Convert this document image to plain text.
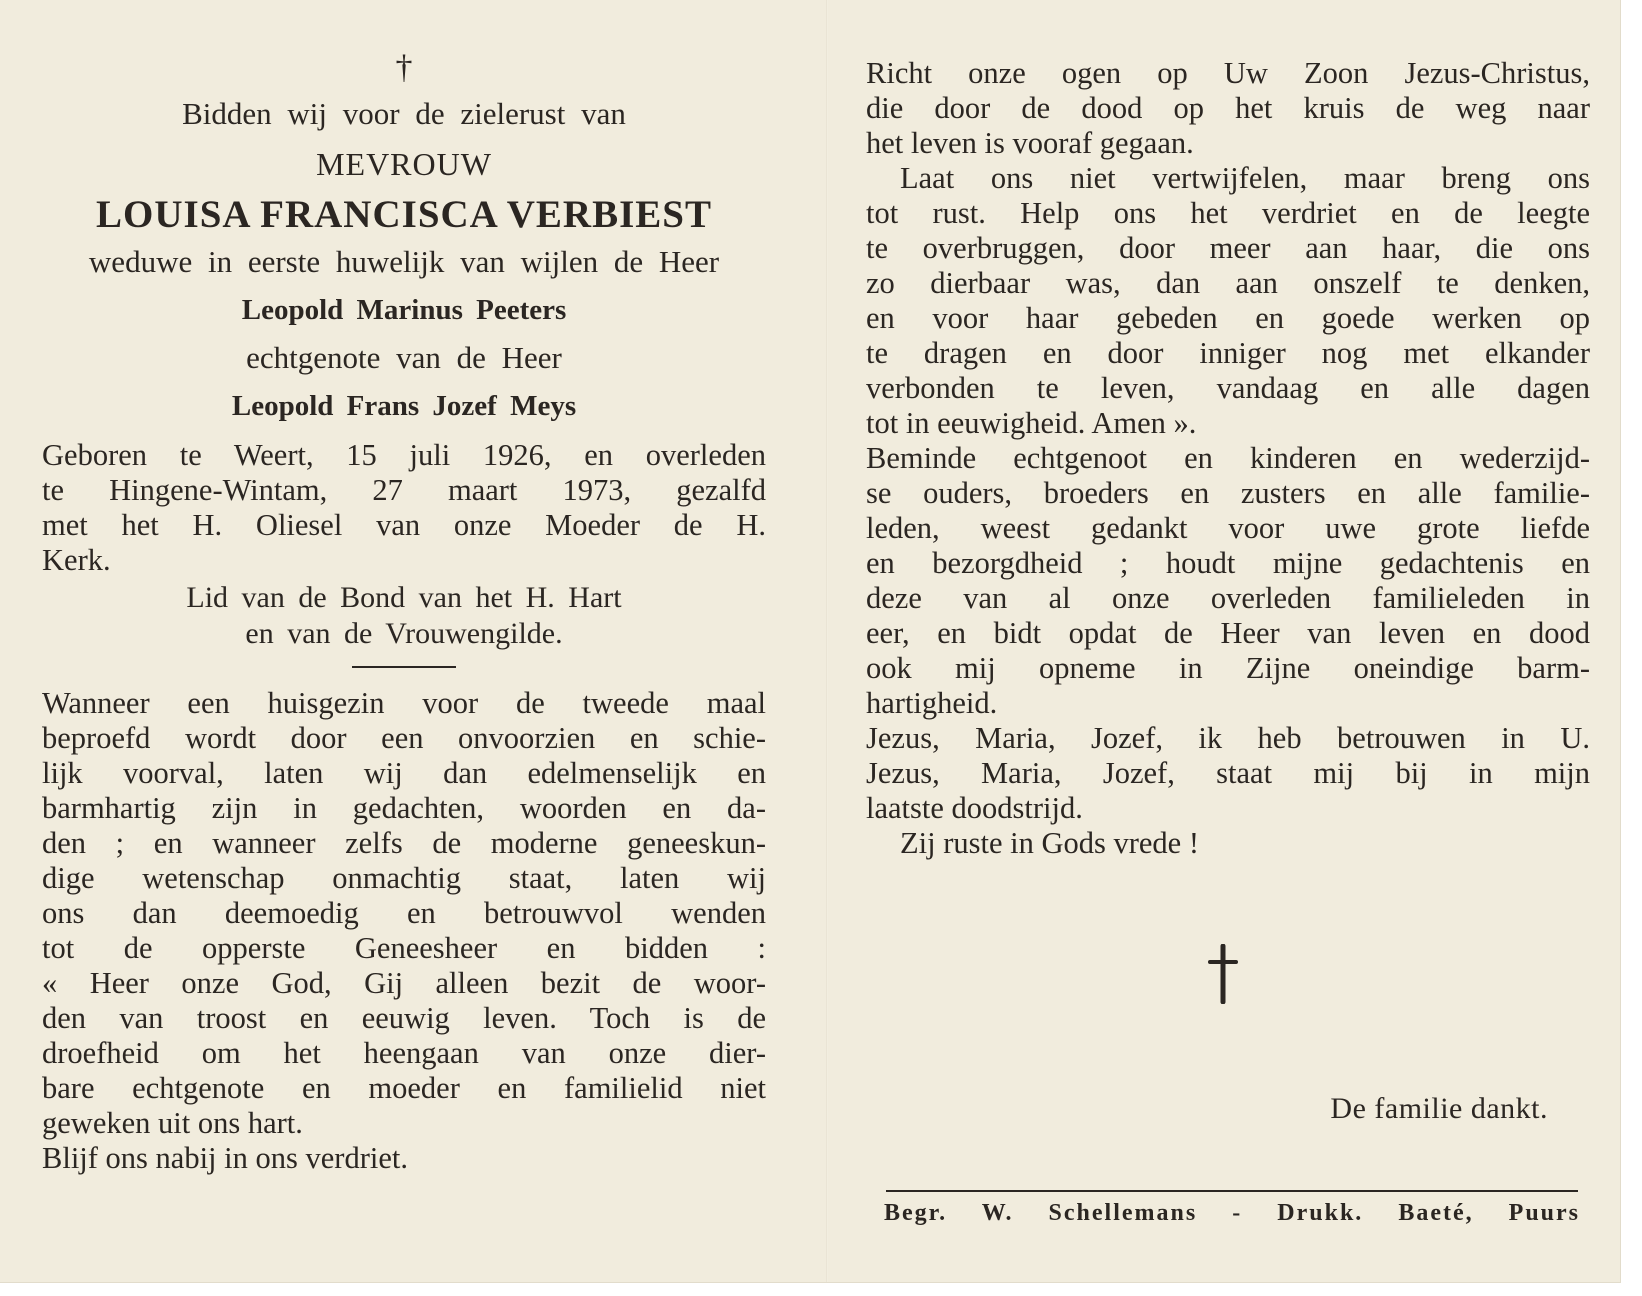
†
Bidden wij voor de zielerust van
MEVROUW
LOUISA FRANCISCA VERBIEST
weduwe in eerste huwelijk van wijlen de Heer
Leopold Marinus Peeters
echtgenote van de Heer
Leopold Frans Jozef Meys

Geboren te Weert, 15 juli 1926, en overleden

te Hingene-Wintam, 27 maart 1973, gezalfd

met het H. Oliesel van onze Moeder de H.

Kerk.

Lid van de Bond van het H. Hart
en van de Vrouwengilde.

Wanneer een huisgezin voor de tweede maal

beproefd wordt door een onvoorzien en schie-

lijk voorval, laten wij dan edelmenselijk en

barmhartig zijn in gedachten, woorden en da-

den ; en wanneer zelfs de moderne geneeskun-

dige wetenschap onmachtig staat, laten wij

ons dan deemoedig en betrouwvol wenden

tot de opperste Geneesheer en bidden :

« Heer onze God, Gij alleen bezit de woor-

den van troost en eeuwig leven. Toch is de

droefheid om het heengaan van onze dier-

bare echtgenote en moeder en familielid niet

geweken uit ons hart.

Blijf ons nabij in ons verdriet.

Richt onze ogen op Uw Zoon Jezus-Christus,

die door de dood op het kruis de weg naar

het leven is vooraf gegaan.

Laat ons niet vertwijfelen, maar breng ons

tot rust. Help ons het verdriet en de leegte

te overbruggen, door meer aan haar, die ons

zo dierbaar was, dan aan onszelf te denken,

en voor haar gebeden en goede werken op

te dragen en door inniger nog met elkander

verbonden te leven, vandaag en alle dagen

tot in eeuwigheid. Amen ».

Beminde echtgenoot en kinderen en wederzijd-

se ouders, broeders en zusters en alle familie-

leden, weest gedankt voor uwe grote liefde

en bezorgdheid ; houdt mijne gedachtenis en

deze van al onze overleden familieleden in

eer, en bidt opdat de Heer van leven en dood

ook mij opneme in Zijne oneindige barm-

hartigheid.

Jezus, Maria, Jozef, ik heb betrouwen in U.

Jezus, Maria, Jozef, staat mij bij in mijn

laatste doodstrijd.

Zij ruste in Gods vrede !

De familie dankt.
Begr. W. Schellemans - Drukk. Baeté, Puurs
